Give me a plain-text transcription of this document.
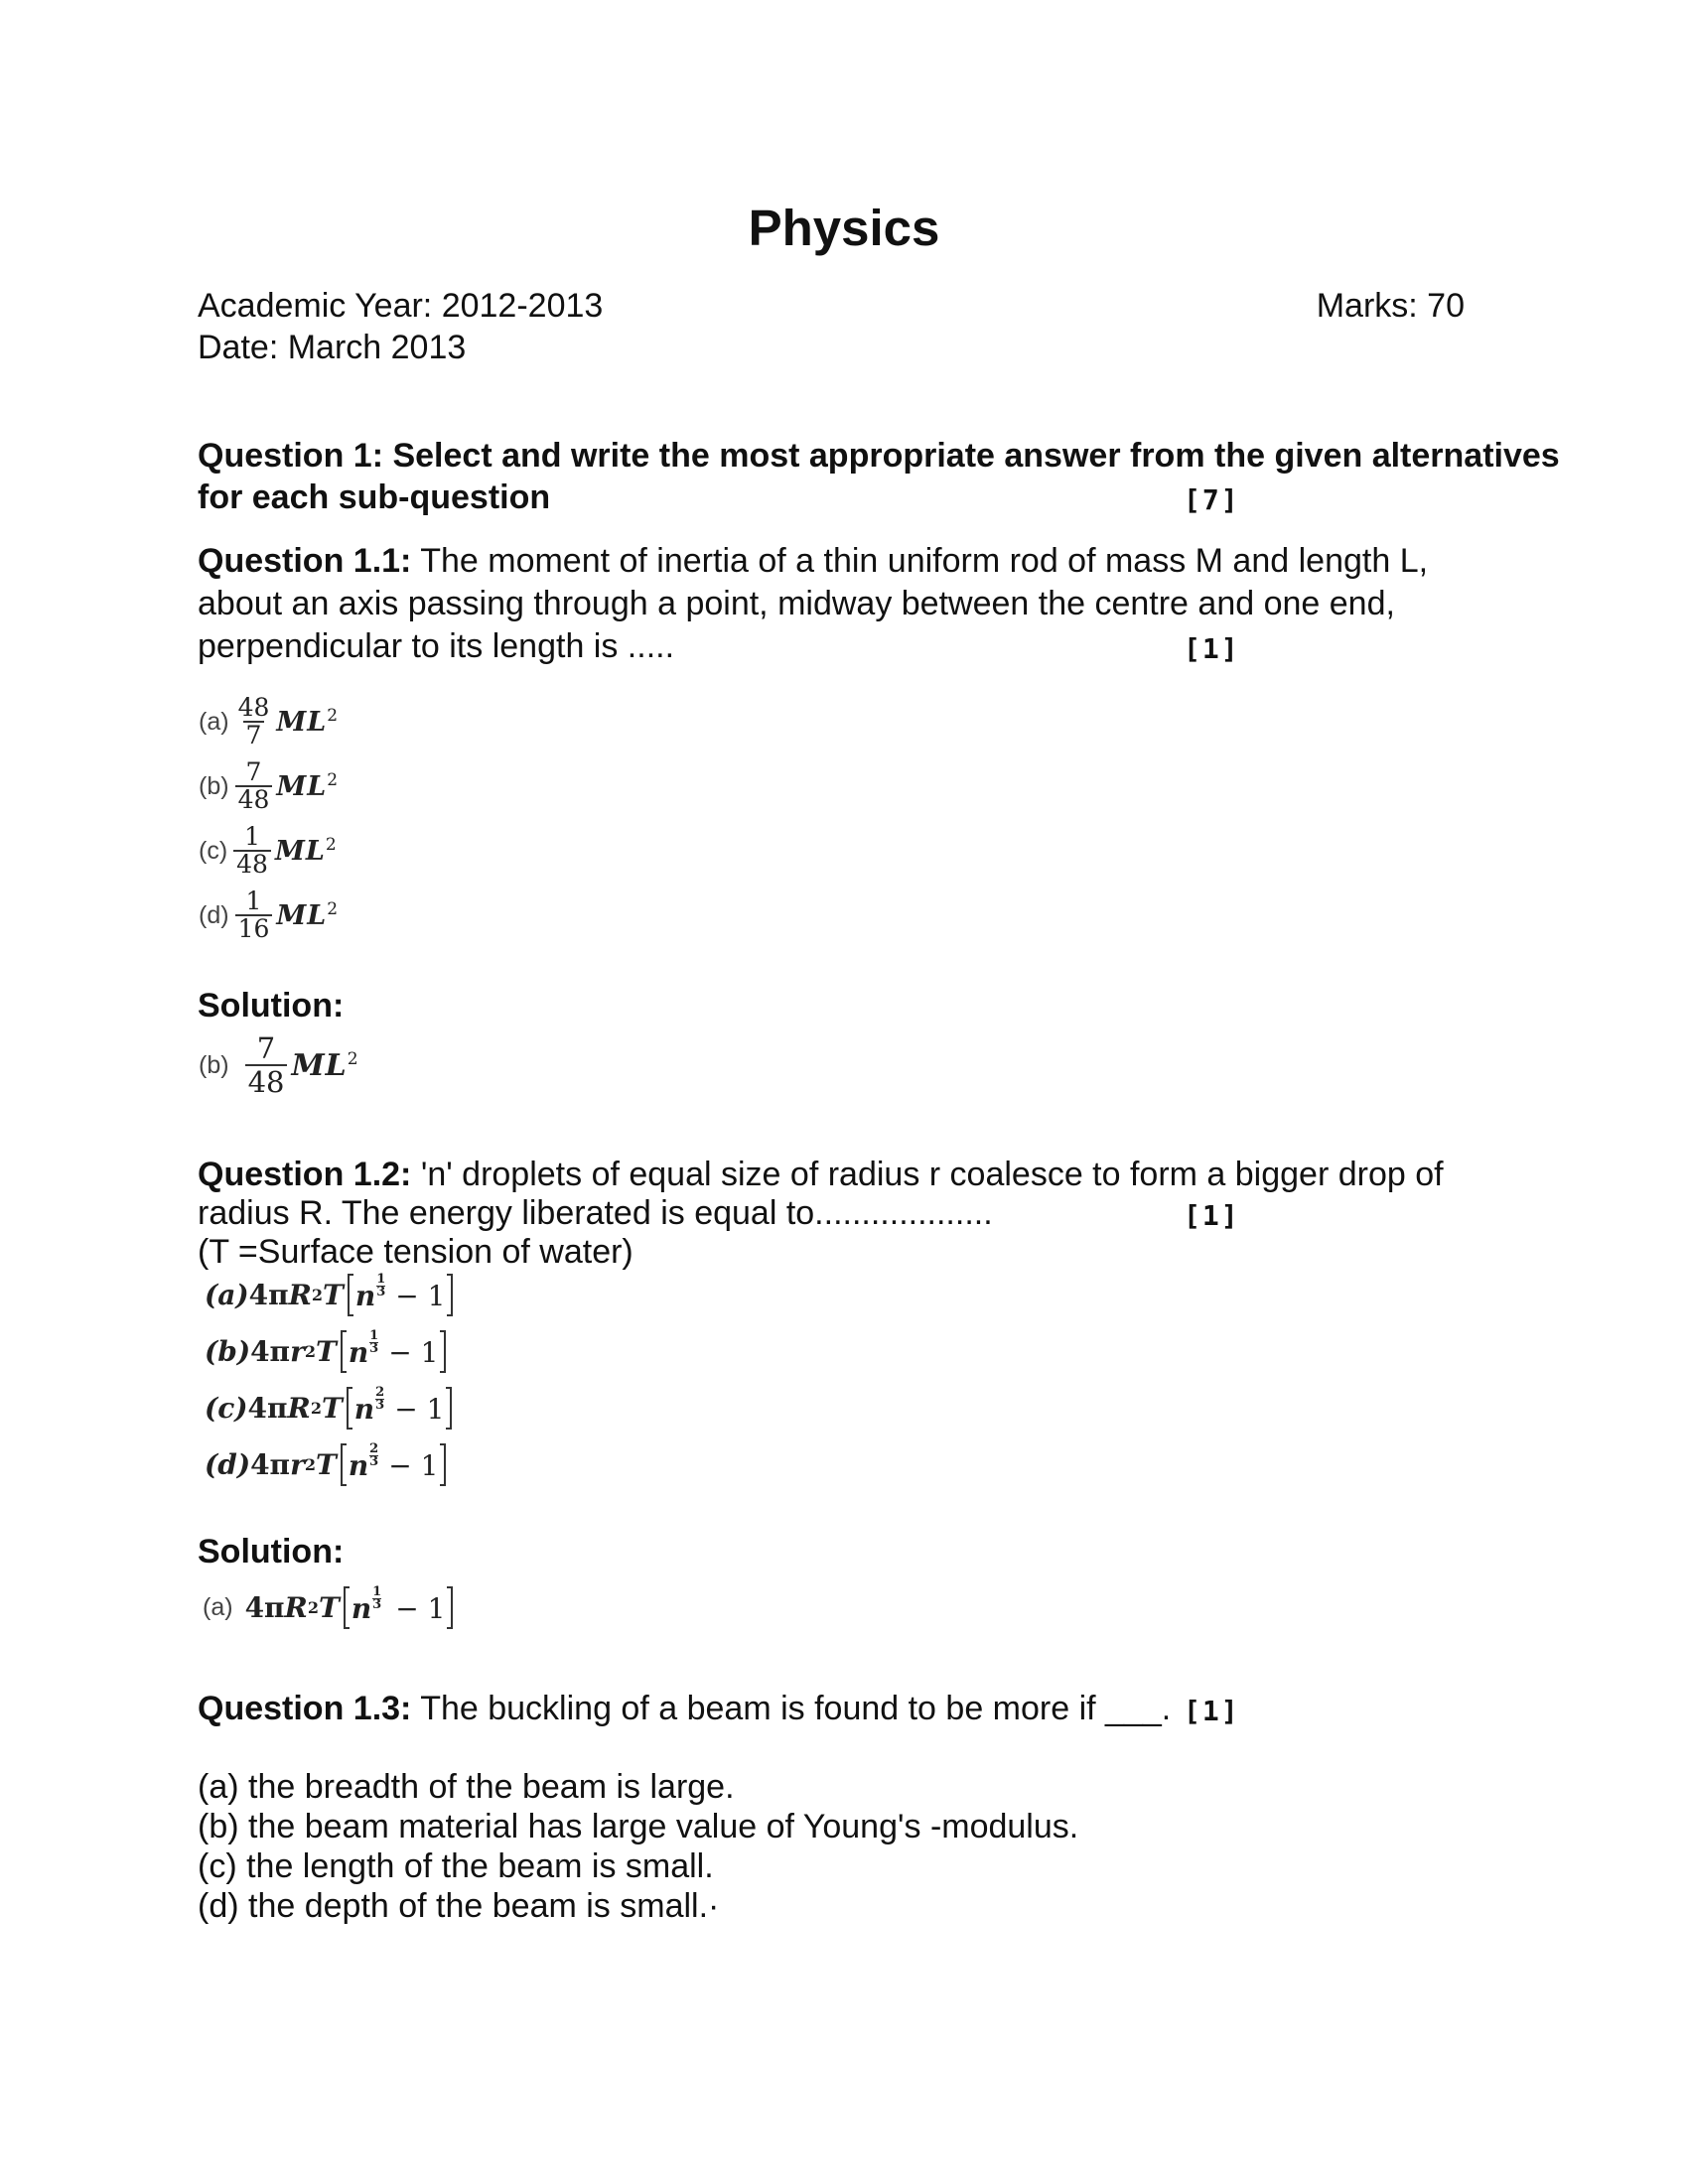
Physics
Academic Year: 2012-2013
Date: March 2013
Marks: 70
Question 1: Select and write the most appropriate answer from the given alternatives
for each sub-question	[7]
Question 1.1: The moment of inertia of a thin uniform rod of mass M and length L,
about an axis passing through a point, midway between the centre and one end,
perpendicular to its length is .....	[1]
$(a) \frac{48}{7} ML^2$
$(b) \frac{7}{48} ML^2$
$(c) \frac{1}{48} ML^2$
$(d) \frac{1}{16} ML^2$
Solution:
$(b) \frac{7}{48} ML^2$
Question 1.2: 'n' droplets of equal size of radius r coalesce to form a bigger drop of
radius R. The energy liberated is equal to...................	[1]
(T =Surface tension of water)
(a) 4π R 2 T n $\frac{1}{3} - 1$
(b) 4π r 2 T n $\frac{1}{3} - 1$
(c) 4π R 2 T n $\frac{2}{3} - 1$
(d) 4π r 2 T n $\frac{2}{3} - 1$
Solution:
(a) 4π R 2 T n $\frac{1}{3} - 1$
Question 1.3: The buckling of a beam is found to be more if ___. [1]
(a) the breadth of the beam is large.
(b) the beam material has large value of Young's -modulus.
(c) the length of the beam is small.
(d) the depth of the beam is small.·
